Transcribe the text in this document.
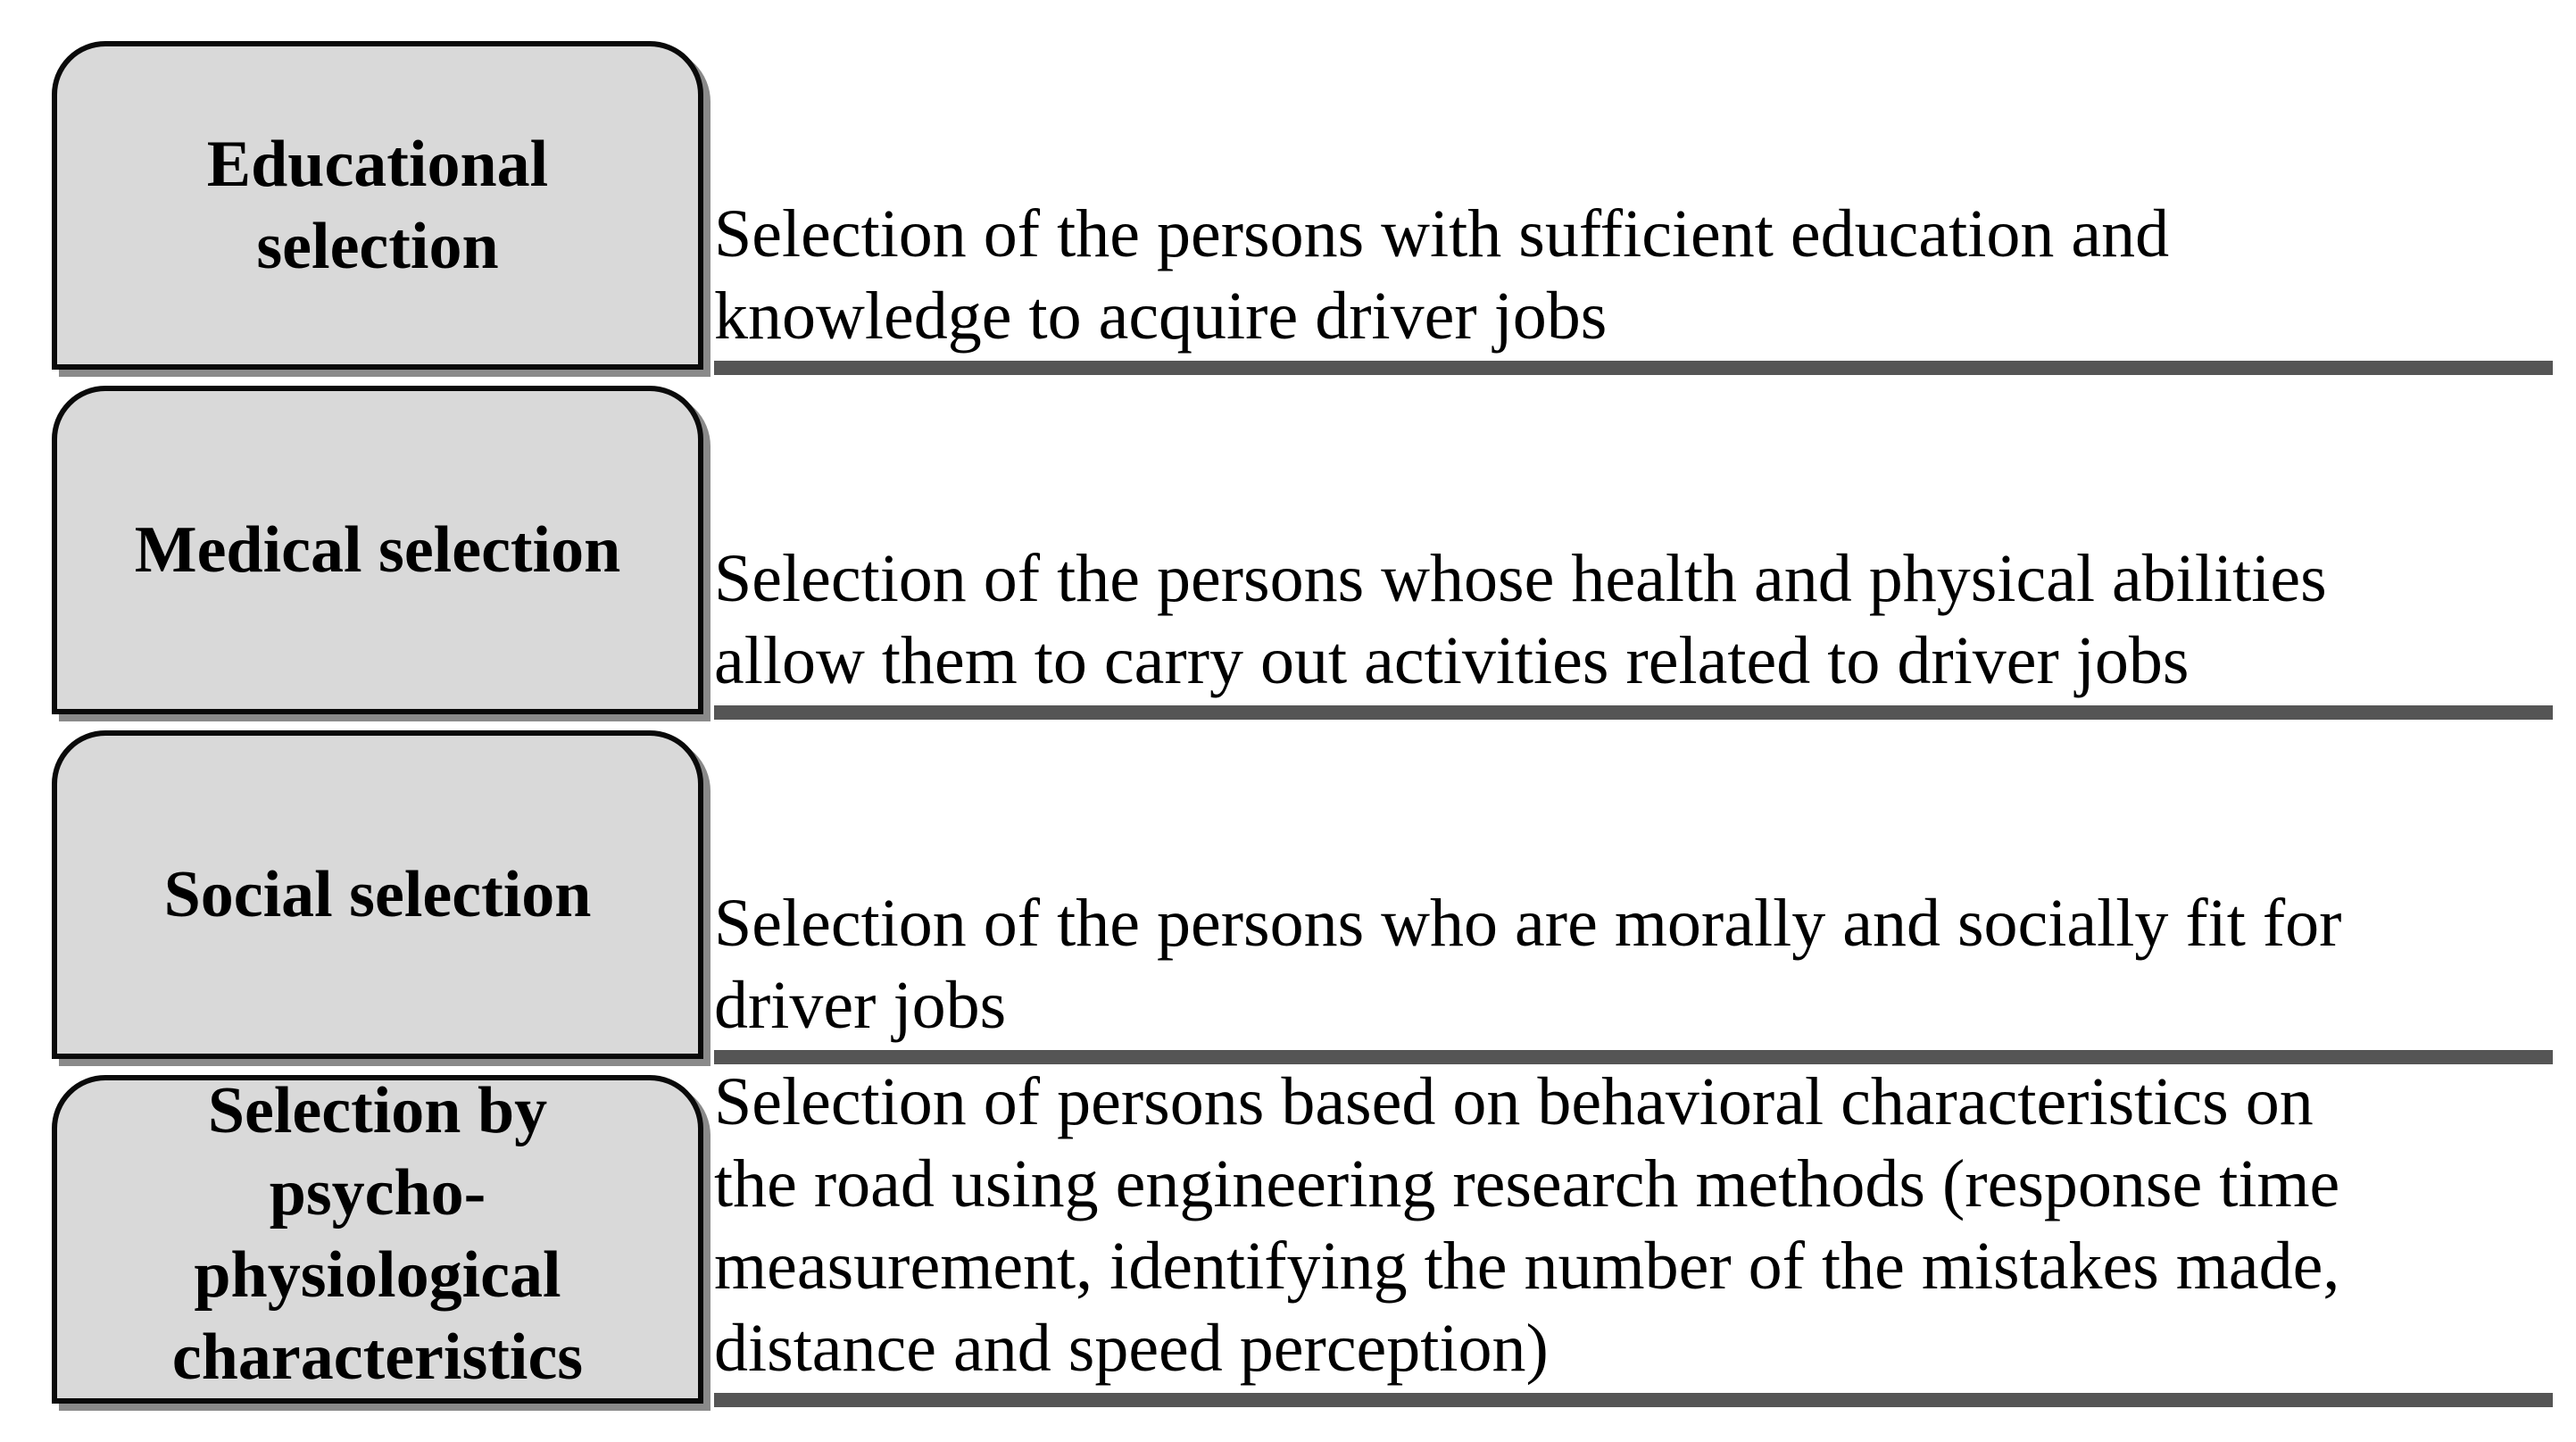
Educational
selection	Selection of the persons with sufficient education and
knowledge to acquire driver jobs
Medical selection Selection of the persons whose health and physical abilities
allow them to carry out activities related to driver jobs
Social selection Selection of the persons who are morally and socially fit for
driver jobs
Selection by
psycho-
physiological
characteristics
Selection of persons based on behavioral characteristics on
the road using engineering research methods (response time
measurement, identifying the number of the mistakes made,
distance and speed perception)
